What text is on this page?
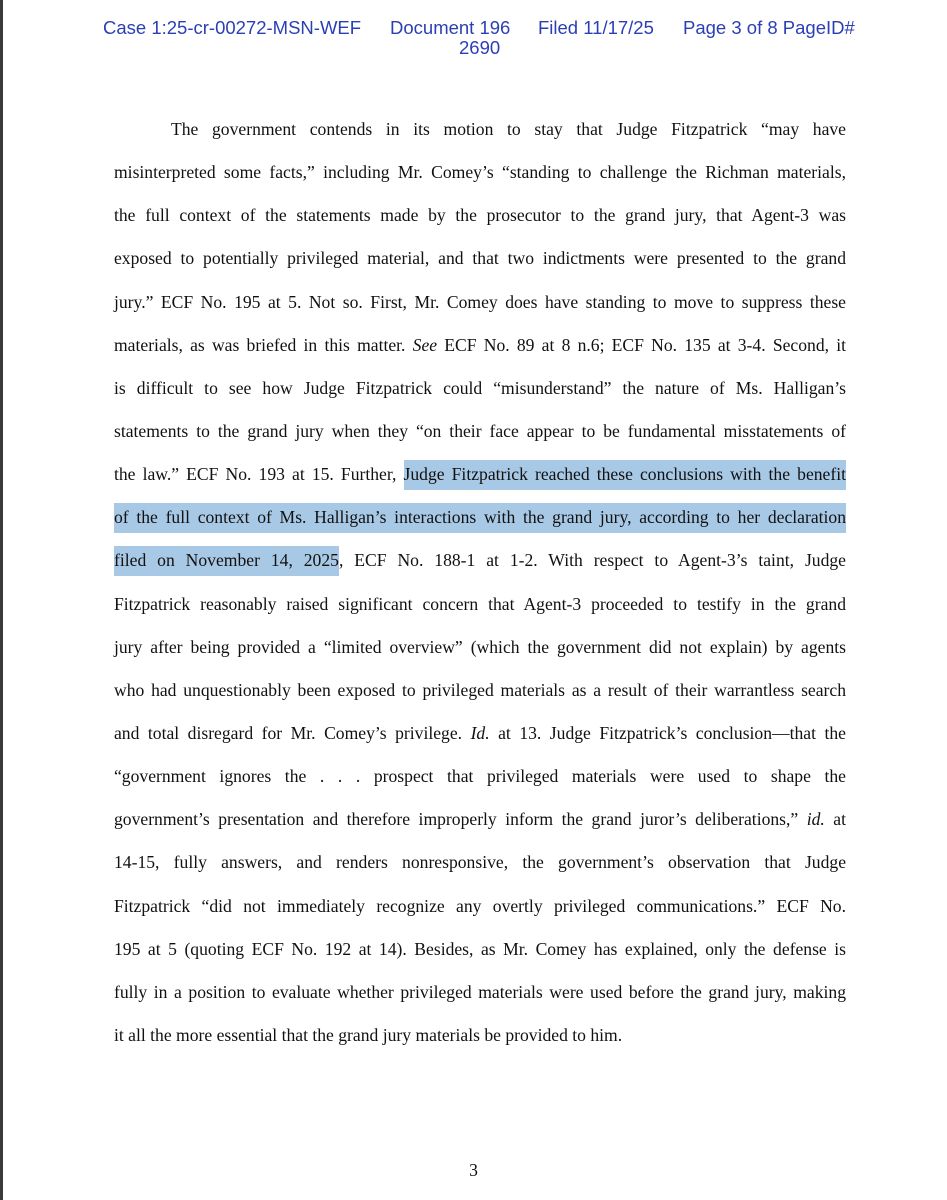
Case 1:25-cr-00272-MSN-WEF Document 196 Filed 11/17/25 Page 3 of 8 PageID#
2690
The government contends in its motion to stay that Judge Fitzpatrick “may have
misinterpreted some facts,” including Mr. Comey’s “standing to challenge the Richman materials,
the full context of the statements made by the prosecutor to the grand jury, that Agent-3 was
exposed to potentially privileged material, and that two indictments were presented to the grand
jury.” ECF No. 195 at 5. Not so. First, Mr. Comey does have standing to move to suppress these
materials, as was briefed in this matter. See ECF No. 89 at 8 n.6; ECF No. 135 at 3-4. Second, it
is difficult to see how Judge Fitzpatrick could “misunderstand” the nature of Ms. Halligan’s
statements to the grand jury when they “on their face appear to be fundamental misstatements of
the law.” ECF No. 193 at 15. Further, Judge Fitzpatrick reached these conclusions with the benefit
of the full context of Ms. Halligan’s interactions with the grand jury, according to her declaration
filed on November 14, 2025, ECF No. 188-1 at 1-2. With respect to Agent-3’s taint, Judge
Fitzpatrick reasonably raised significant concern that Agent-3 proceeded to testify in the grand
jury after being provided a “limited overview” (which the government did not explain) by agents
who had unquestionably been exposed to privileged materials as a result of their warrantless search
and total disregard for Mr. Comey’s privilege. Id. at 13. Judge Fitzpatrick’s conclusion—that the
“government ignores the . . . prospect that privileged materials were used to shape the
government’s presentation and therefore improperly inform the grand juror’s deliberations,” id. at
14-15, fully answers, and renders nonresponsive, the government’s observation that Judge
Fitzpatrick “did not immediately recognize any overtly privileged communications.” ECF No.
195 at 5 (quoting ECF No. 192 at 14). Besides, as Mr. Comey has explained, only the defense is
fully in a position to evaluate whether privileged materials were used before the grand jury, making
it all the more essential that the grand jury materials be provided to him.
3
